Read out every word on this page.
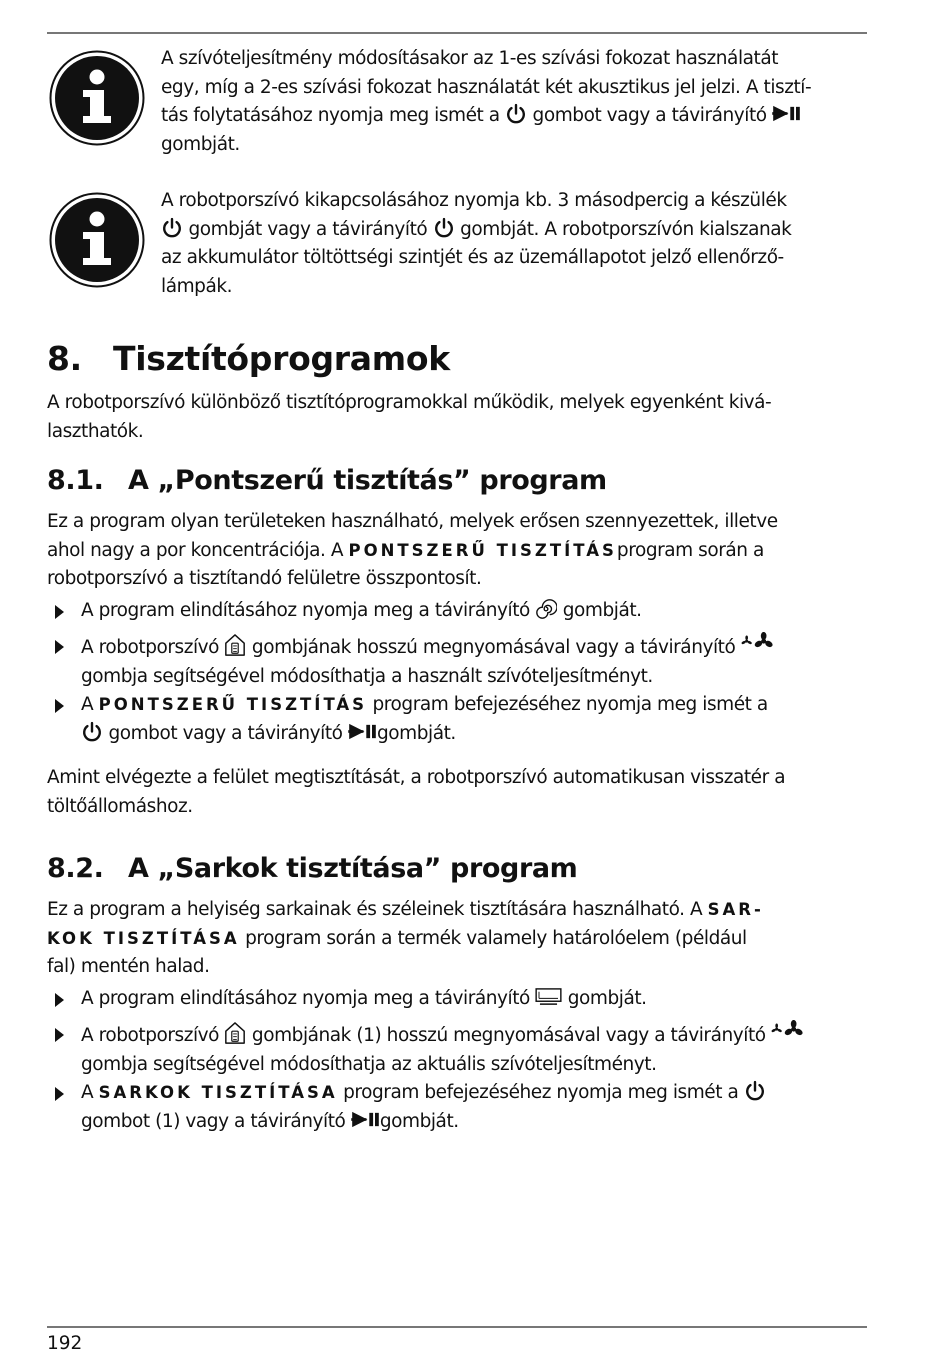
A szívóteljesítmény módosításakor az 1-es szívási fokozat használatát
egy, míg a 2-es szívási fokozat használatát két akusztikus jel jelzi. A tisztí-
tás folytatásához nyomja meg ismét a gombot vagy a távirányító
gombját.
A robotporszívó kikapcsolásához nyomja kb. 3 másodpercig a készülék
gombját vagy a távirányító gombját. A robotporszívón kialszanak
az akkumulátor töltöttségi szintjét és az üzemállapotot jelző ellenőrző-
lámpák.
8. Tisztítóprogramok
A robotporszívó különböző tisztítóprogramokkal működik, melyek egyenként kivá-
laszthatók.
8.1. A „Pontszerű tisztítás” program
Ez a program olyan területeken használható, melyek erősen szennyezettek, illetve
ahol nagy a por koncentrációja. A PONTSZERŰ TISZTÍTÁSprogram során a
robotporszívó a tisztítandó felületre összpontosít.
A program elindításához nyomja meg a távirányító gombját.
A robotporszívó gombjának hosszú megnyomásával vagy a távirányító
gombja segítségével módosíthatja a használt szívóteljesítményt.
A PONTSZERŰ TISZTÍTÁS program befejezéséhez nyomja meg ismét a
gombot vagy a távirányító gombját.
Amint elvégezte a felület megtisztítását, a robotporszívó automatikusan visszatér a
töltőállomáshoz.
8.2. A „Sarkok tisztítása” program
Ez a program a helyiség sarkainak és széleinek tisztítására használható. A SAR-
KOK TISZTÍTÁSA program során a termék valamely határolóelem (például
fal) mentén halad.
A program elindításához nyomja meg a távirányító gombját.
A robotporszívó gombjának (1) hosszú megnyomásával vagy a távirányító
gombja segítségével módosíthatja az aktuális szívóteljesítményt.
A SARKOK TISZTÍTÁSA program befejezéséhez nyomja meg ismét a
gombot (1) vagy a távirányító gombját.
192
